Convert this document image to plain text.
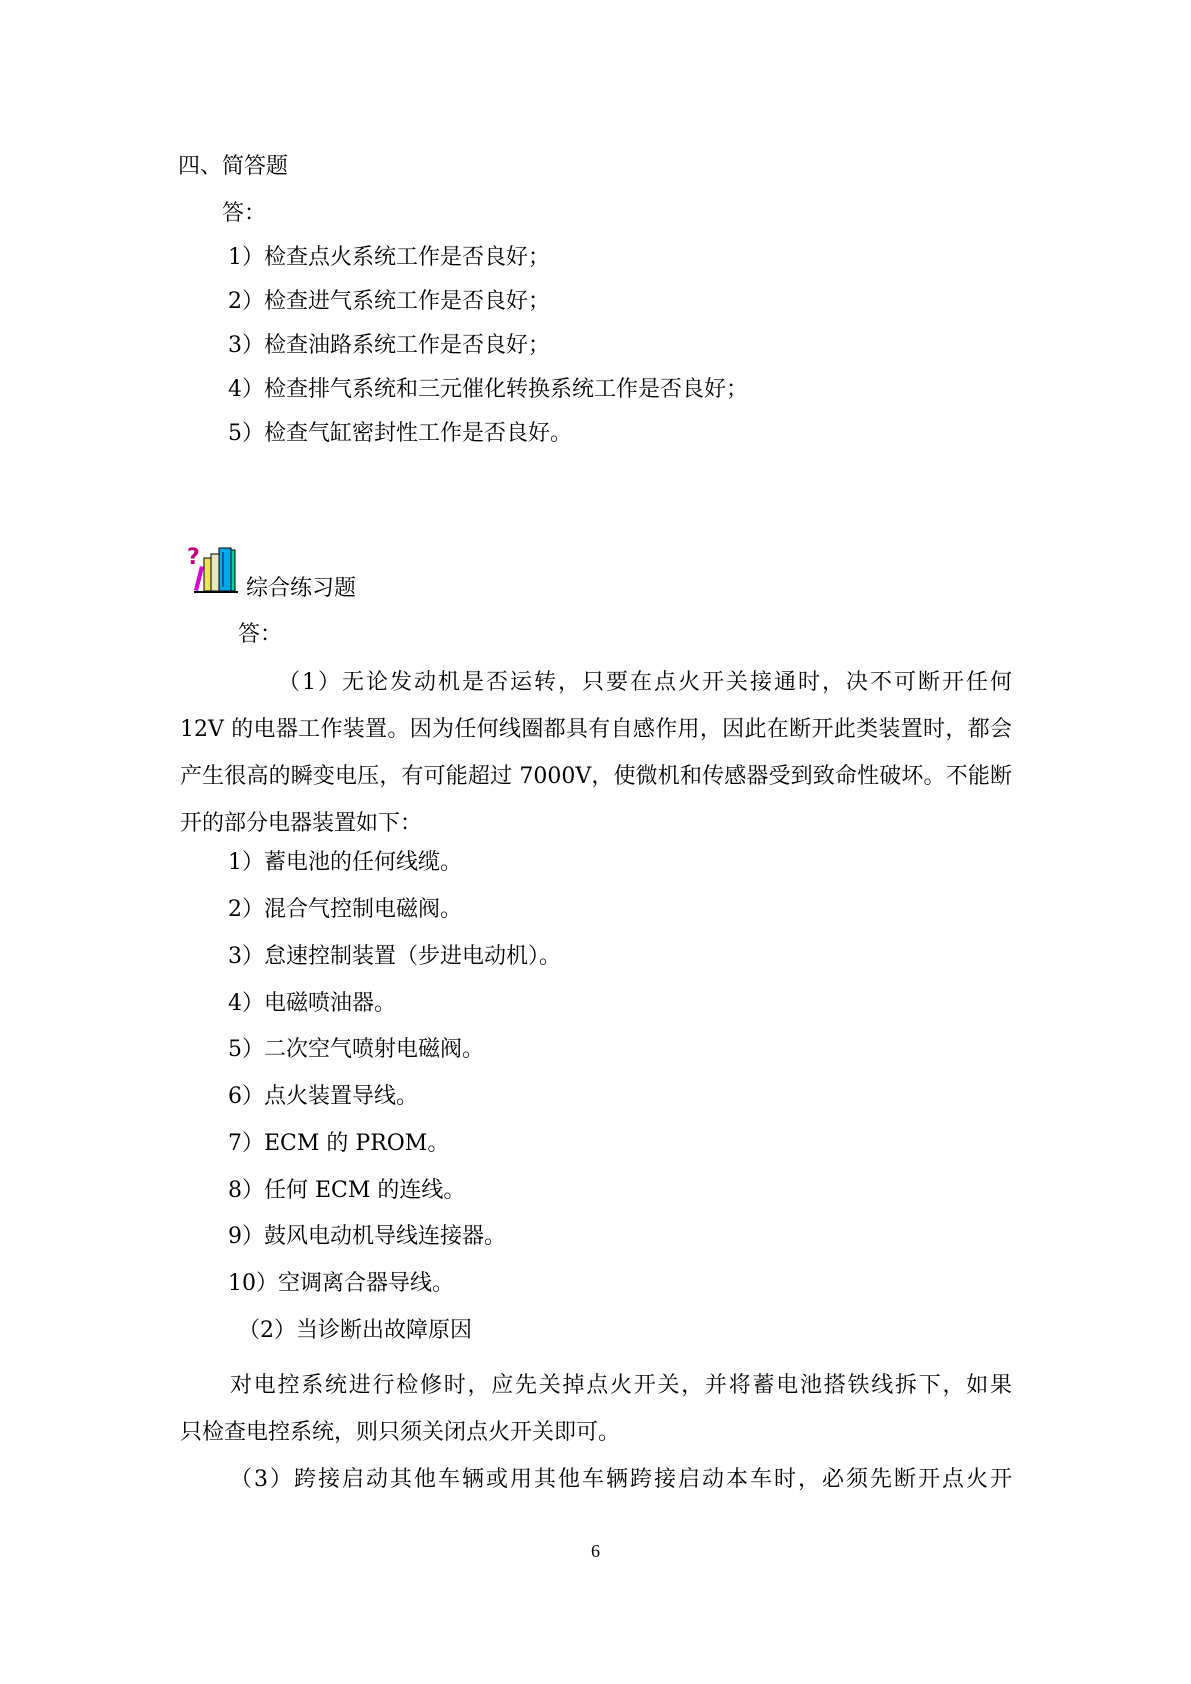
四、简答题
答：
1）检查点火系统工作是否良好；
2）检查进气系统工作是否良好；
3）检查油路系统工作是否良好；
4）检查排气系统和三元催化转换系统工作是否良好；
5）检查气缸密封性工作是否良好。
?
综合练习题
答：
（1）无论发动机是否运转，只要在点火开关接通时，决不可断开任何
12V 的电器工作装置。因为任何线圈都具有自感作用，因此在断开此类装置时，都会产生很高的瞬变电压，有可能超过 7000V，使微机和传感器受到致命性破坏。不能断开的部分电器装置如下：
1）蓄电池的任何线缆。
2）混合气控制电磁阀。
3）怠速控制装置（步进电动机）。
4）电磁喷油器。
5）二次空气喷射电磁阀。
6）点火装置导线。
7）ECM 的 PROM。
8）任何 ECM 的连线。
9）鼓风电动机导线连接器。
10）空调离合器导线。
（2）当诊断出故障原因
对电控系统进行检修时，应先关掉点火开关，并将蓄电池搭铁线拆下，如果
只检查电控系统，则只须关闭点火开关即可。
（3）跨接启动其他车辆或用其他车辆跨接启动本车时，必须先断开点火开
6
